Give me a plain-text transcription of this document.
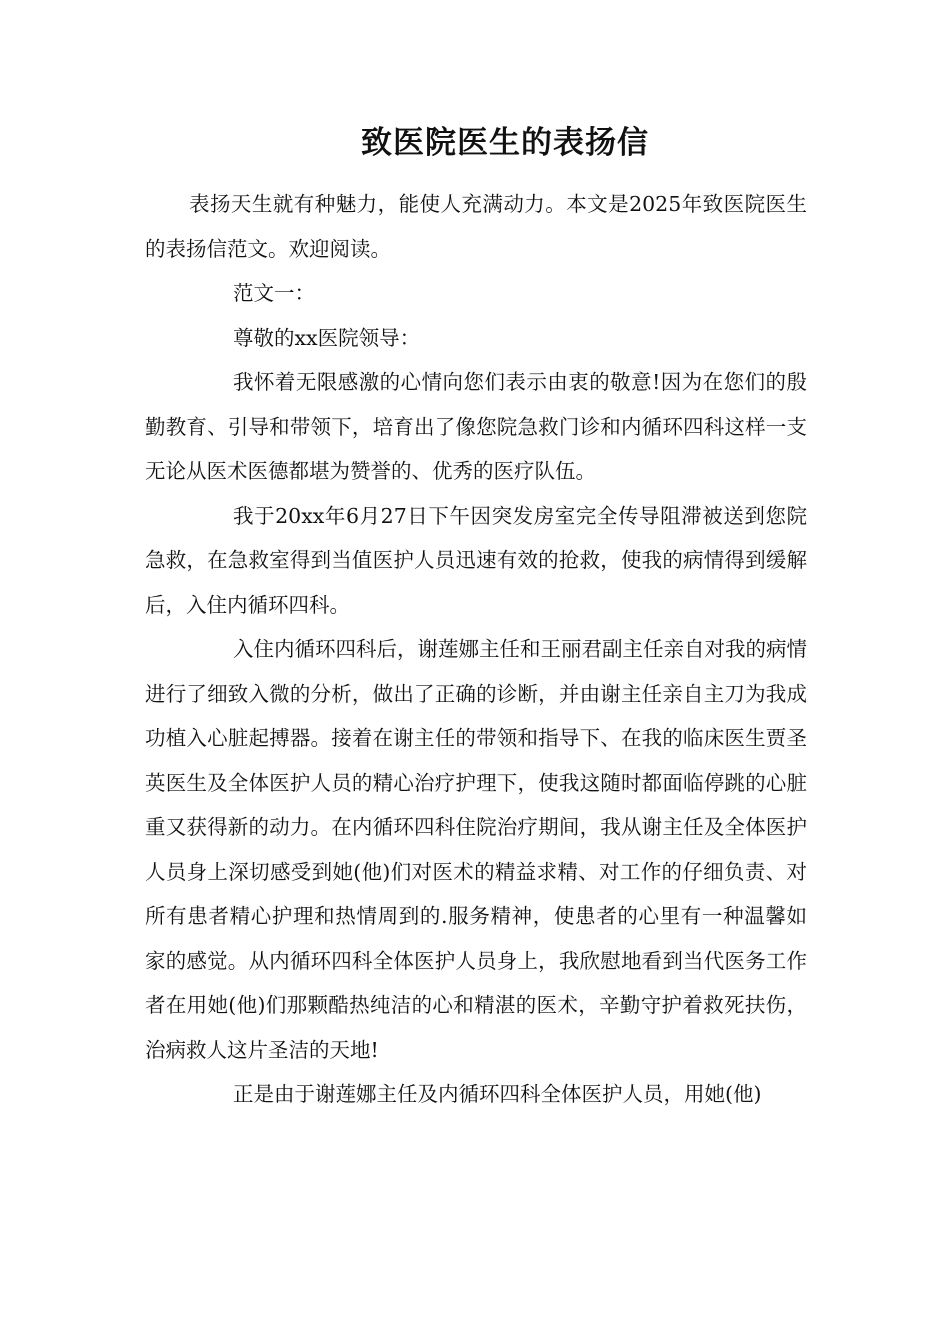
致医院医生的表扬信

表扬天生就有种魅力，能使人充满动力。本文是2025年致医院医生的表扬信范文。欢迎阅读。

范文一：

尊敬的xx医院领导：

我怀着无限感激的心情向您们表示由衷的敬意!因为在您们的殷勤教育、引导和带领下，培育出了像您院急救门诊和内循环四科这样一支无论从医术医德都堪为赞誉的、优秀的医疗队伍。

我于20xx年6月27日下午因突发房室完全传导阻滞被送到您院急救，在急救室得到当值医护人员迅速有效的抢救，使我的病情得到缓解后，入住内循环四科。

入住内循环四科后，谢莲娜主任和王丽君副主任亲自对我的病情进行了细致入微的分析，做出了正确的诊断，并由谢主任亲自主刀为我成功植入心脏起搏器。接着在谢主任的带领和指导下、在我的临床医生贾圣英医生及全体医护人员的精心治疗护理下，使我这随时都面临停跳的心脏重又获得新的动力。在内循环四科住院治疗期间，我从谢主任及全体医护人员身上深切感受到她(他)们对医术的精益求精、对工作的仔细负责、对所有患者精心护理和热情周到的.服务精神，使患者的心里有一种温馨如家的感觉。从内循环四科全体医护人员身上，我欣慰地看到当代医务工作者在用她(他)们那颗酷热纯洁的心和精湛的医术，辛勤守护着救死扶伤，治病救人这片圣洁的天地!

正是由于谢莲娜主任及内循环四科全体医护人员，用她(他)
